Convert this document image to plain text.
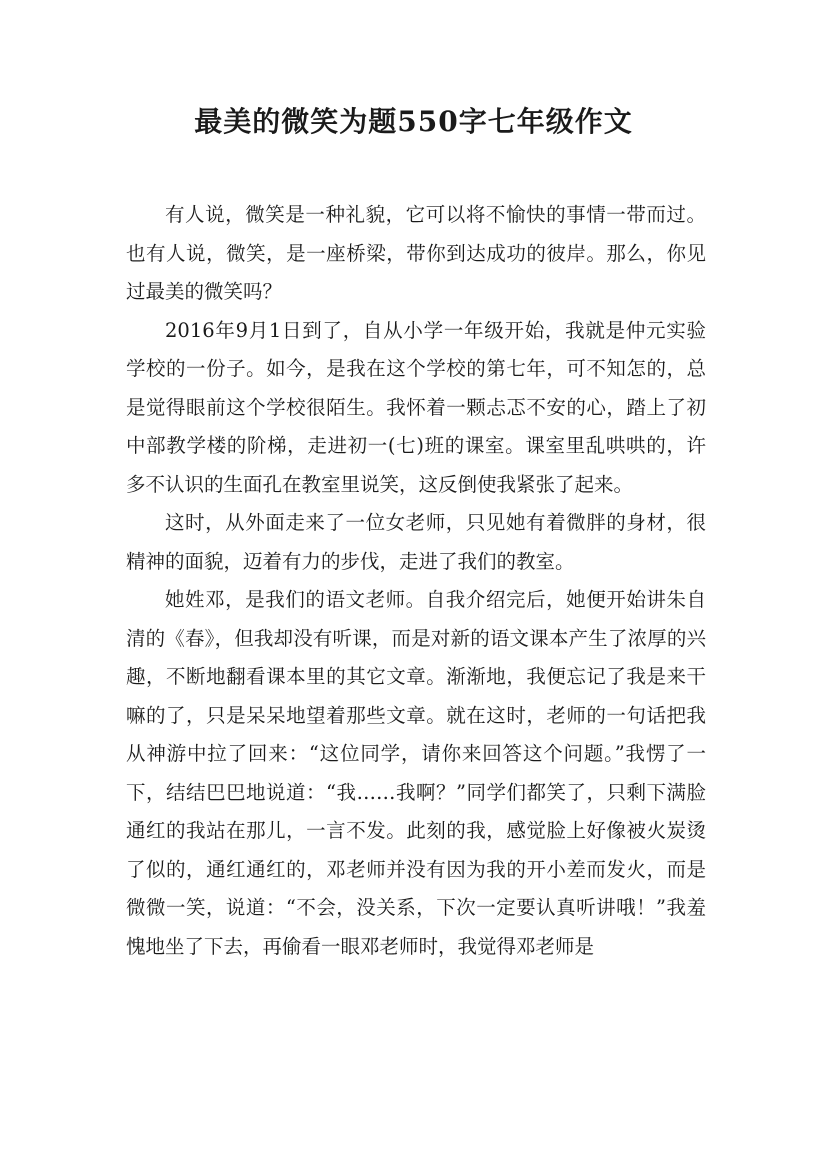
最美的微笑为题550字七年级作文

有人说，微笑是一种礼貌，它可以将不愉快的事情一带而过。也有人说，微笑，是一座桥梁，带你到达成功的彼岸。那么，你见过最美的微笑吗？

2016年9月1日到了，自从小学一年级开始，我就是仲元实验学校的一份子。如今，是我在这个学校的第七年，可不知怎的，总是觉得眼前这个学校很陌生。我怀着一颗忐忑不安的心，踏上了初中部教学楼的阶梯，走进初一(七)班的课室。课室里乱哄哄的，许多不认识的生面孔在教室里说笑，这反倒使我紧张了起来。

这时，从外面走来了一位女老师，只见她有着微胖的身材，很精神的面貌，迈着有力的步伐，走进了我们的教室。

她姓邓，是我们的语文老师。自我介绍完后，她便开始讲朱自清的《春》，但我却没有听课，而是对新的语文课本产生了浓厚的兴趣，不断地翻看课本里的其它文章。渐渐地，我便忘记了我是来干嘛的了，只是呆呆地望着那些文章。就在这时，老师的一句话把我从神游中拉了回来：“这位同学，请你来回答这个问题。”我愣了一下，结结巴巴地说道：“我……我啊？”同学们都笑了，只剩下满脸通红的我站在那儿，一言不发。此刻的我，感觉脸上好像被火炭烫了似的，通红通红的，邓老师并没有因为我的开小差而发火，而是微微一笑，说道：“不会，没关系，下次一定要认真听讲哦！”我羞愧地坐了下去，再偷看一眼邓老师时，我觉得邓老师是
